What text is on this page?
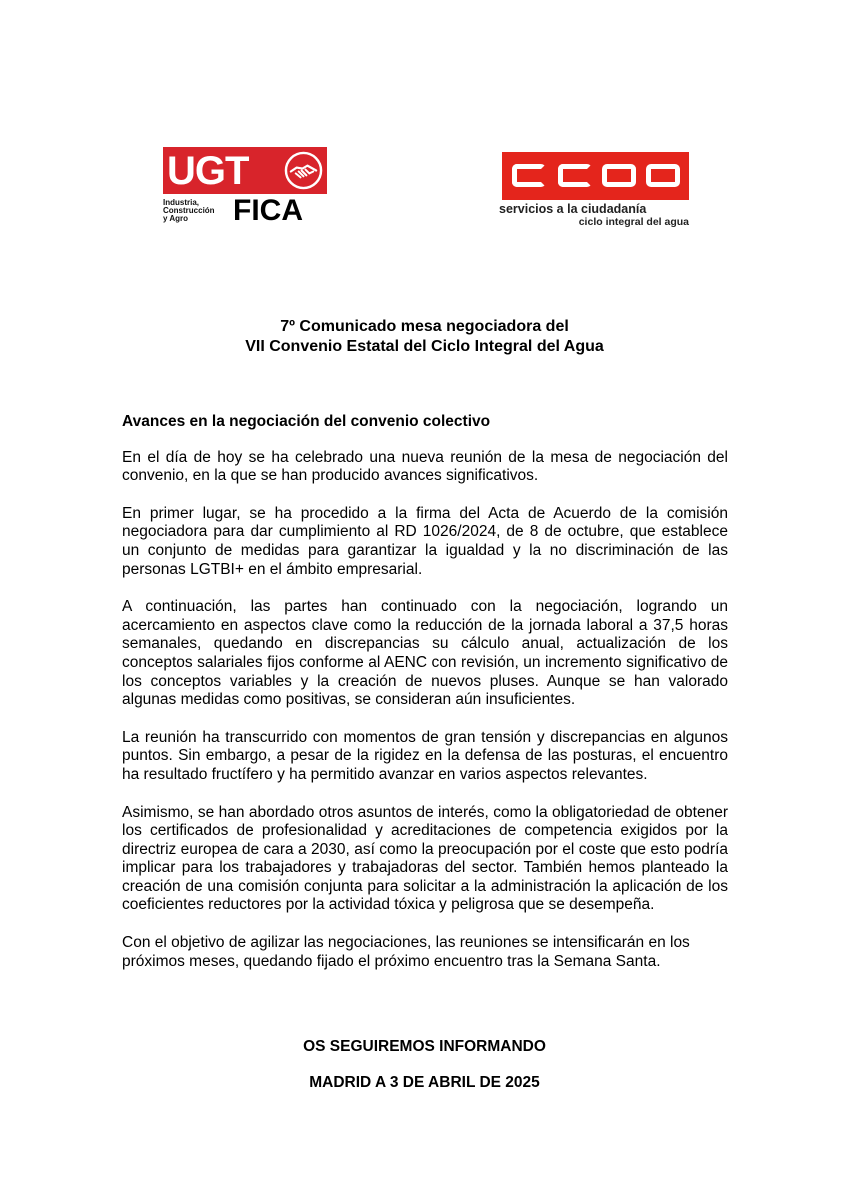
UGT
Industria,
Construcción
y Agro	FICA	servicios a la ciudadanía
ciclo integral del agua
7º Comunicado mesa negociadora del
VII Convenio Estatal del Ciclo Integral del Agua

Avances en la negociación del convenio colectivo

En el día de hoy se ha celebrado una nueva reunión de la mesa de negociación del convenio, en la que se han producido avances significativos.

En primer lugar, se ha procedido a la firma del Acta de Acuerdo de la comisión negociadora para dar cumplimiento al RD 1026/2024, de 8 de octubre, que establece un conjunto de medidas para garantizar la igualdad y la no discriminación de las personas LGTBI+ en el ámbito empresarial.

A continuación, las partes han continuado con la negociación, logrando un acercamiento en aspectos clave como la reducción de la jornada laboral a 37,5 horas semanales, quedando en discrepancias su cálculo anual, actualización de los conceptos salariales fijos conforme al AENC con revisión, un incremento significativo de los conceptos variables y la creación de nuevos pluses. Aunque se han valorado algunas medidas como positivas, se consideran aún insuficientes.

La reunión ha transcurrido con momentos de gran tensión y discrepancias en algunos puntos. Sin embargo, a pesar de la rigidez en la defensa de las posturas, el encuentro ha resultado fructífero y ha permitido avanzar en varios aspectos relevantes.

Asimismo, se han abordado otros asuntos de interés, como la obligatoriedad de obtener los certificados de profesionalidad y acreditaciones de competencia exigidos por la directriz europea de cara a 2030, así como la preocupación por el coste que esto podría implicar para los trabajadores y trabajadoras del sector. También hemos planteado la creación de una comisión conjunta para solicitar a la administración la aplicación de los coeficientes reductores por la actividad tóxica y peligrosa que se desempeña.

Con el objetivo de agilizar las negociaciones, las reuniones se intensificarán en los próximos meses, quedando fijado el próximo encuentro tras la Semana Santa.

OS SEGUIREMOS INFORMANDO
MADRID A 3 DE ABRIL DE 2025
